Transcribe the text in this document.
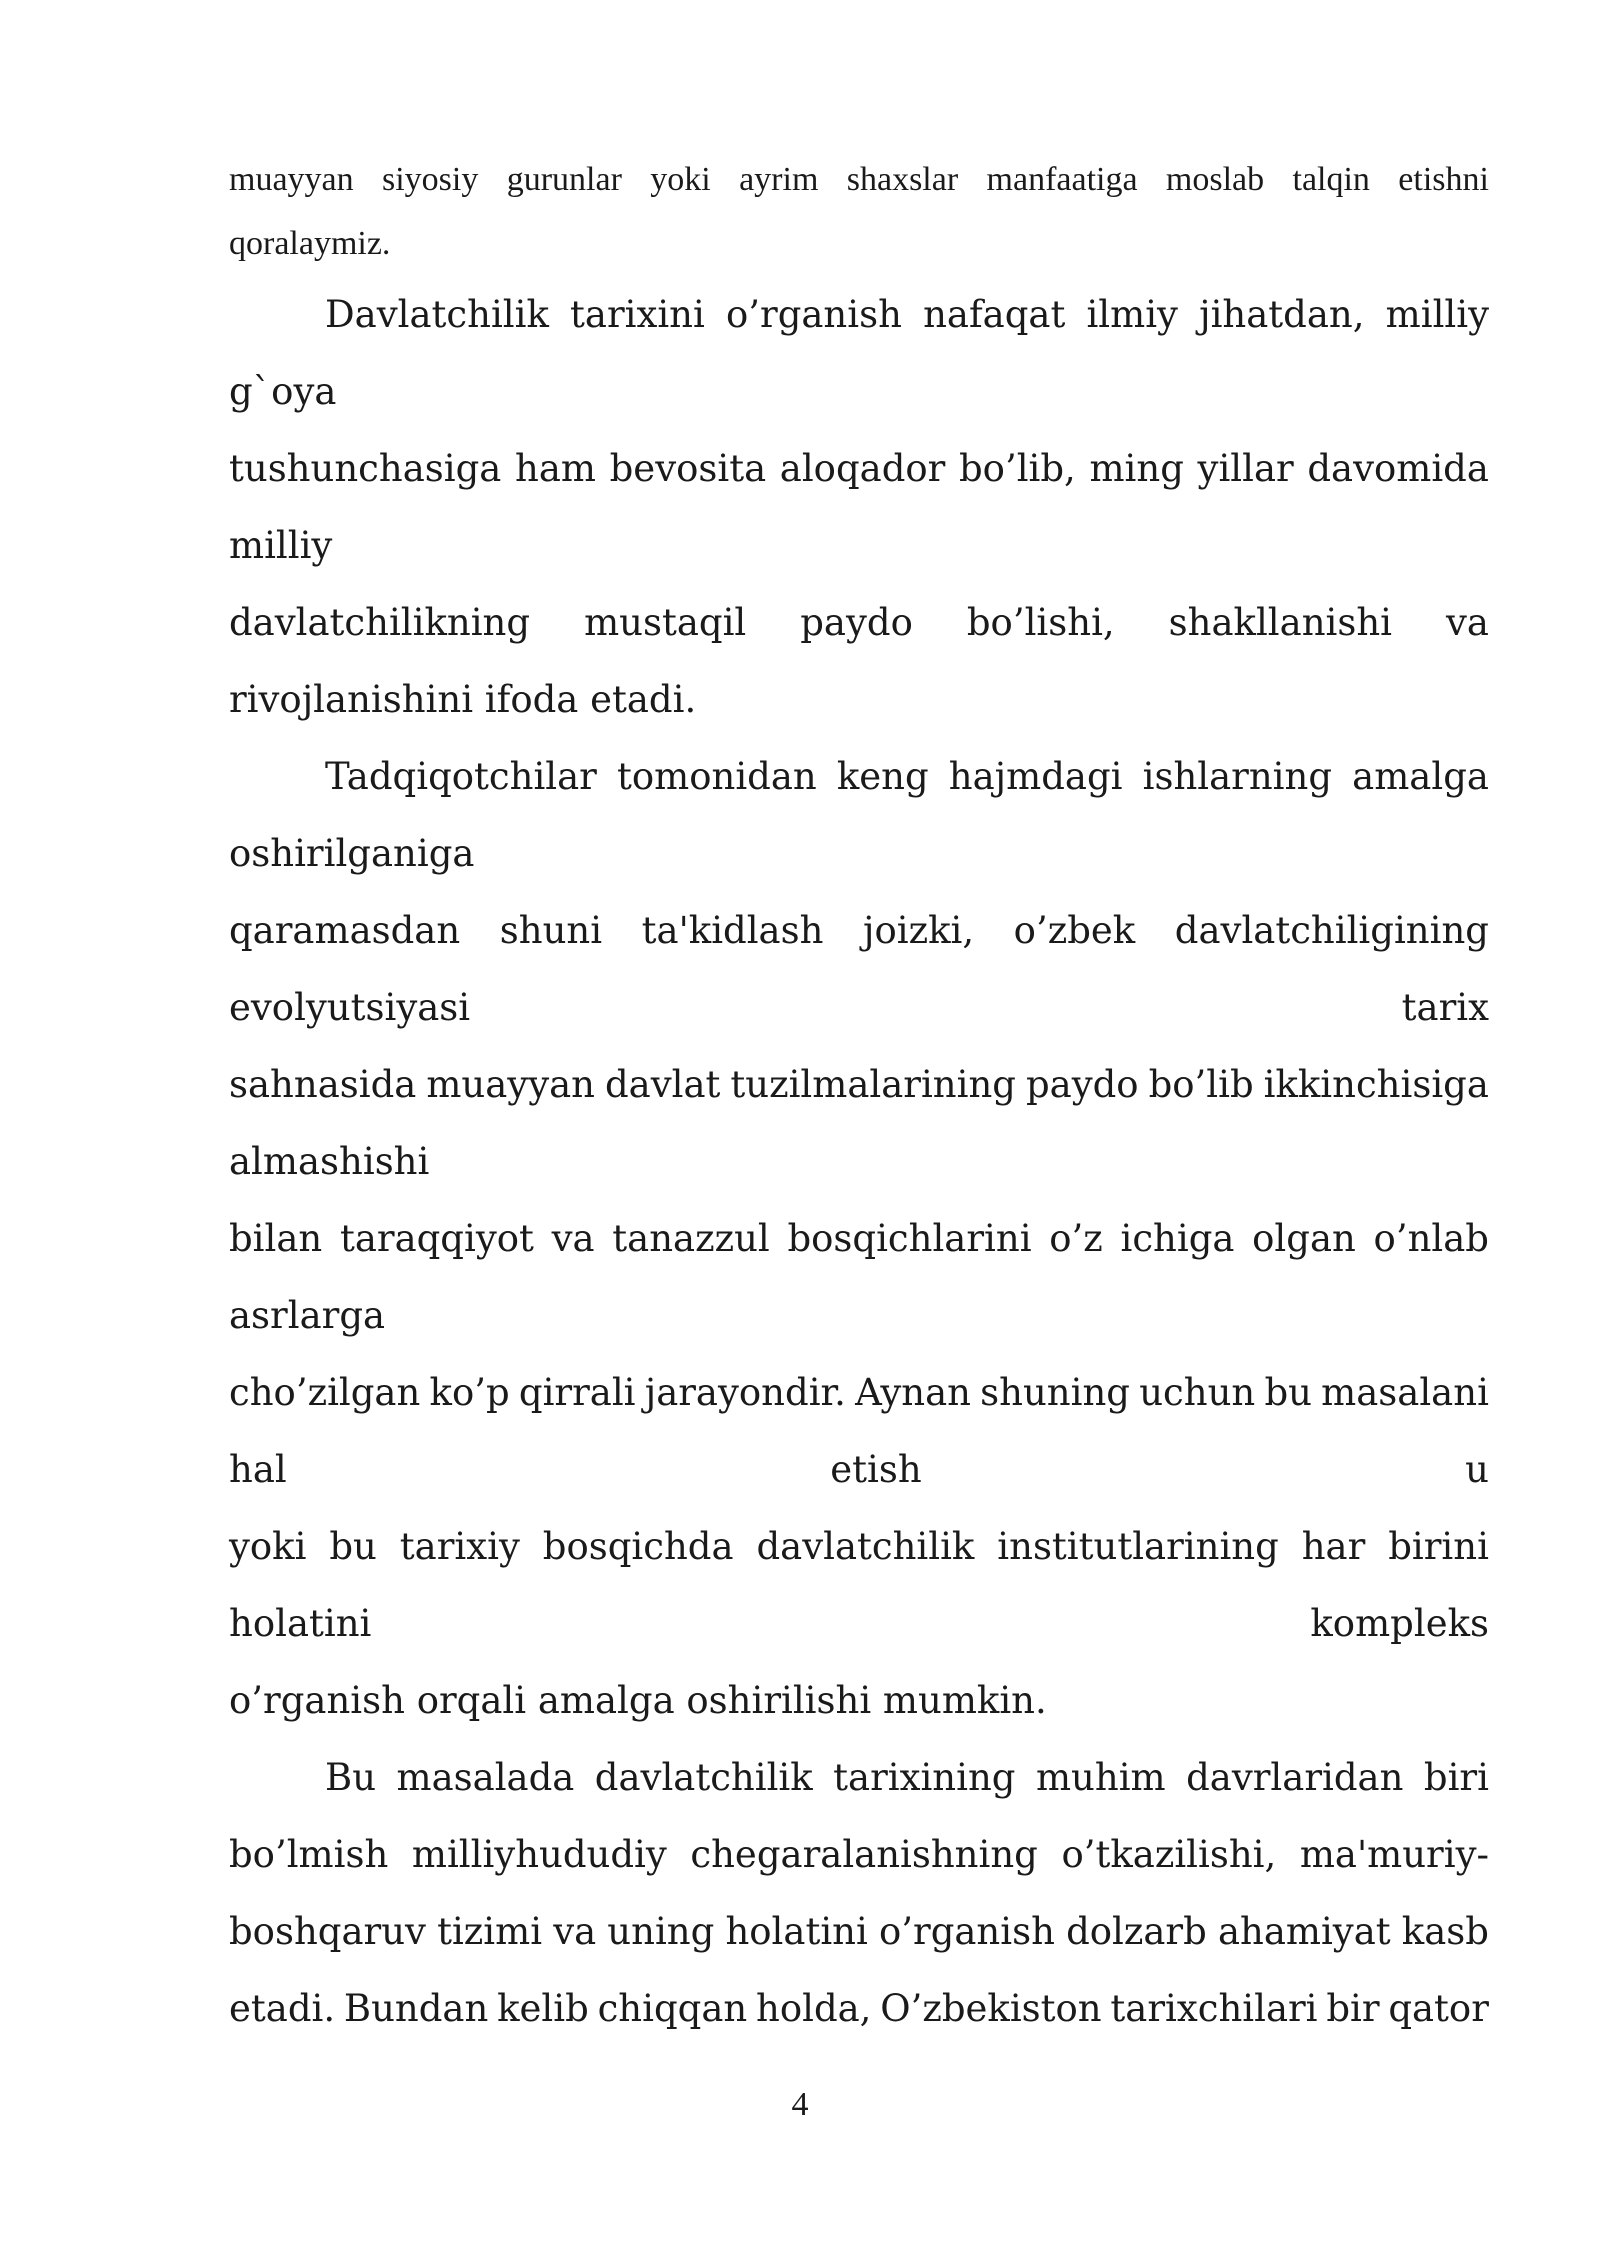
muayyan siyosiy gurunlar yoki ayrim shaxslar manfaatiga moslab talqin etishni
qoralaymiz.
Davlatchilik tarixini o’rganish nafaqat ilmiy jihatdan, milliy
g`oya
tushunchasiga ham bevosita aloqador bo’lib, ming yillar davomida
milliy
davlatchilikning mustaqil paydo bo’lishi, shakllanishi va
rivojlanishini ifoda etadi.
Tadqiqotchilar tomonidan keng hajmdagi ishlarning amalga
oshirilganiga
qaramasdan shuni ta'kidlash joizki, o’zbek davlatchiligining
evolyutsiyasi	tarix
sahnasida muayyan davlat tuzilmalarining paydo bo’lib ikkinchisiga
almashishi
bilan taraqqiyot va tanazzul bosqichlarini o’z ichiga olgan o’nlab
asrlarga
cho’zilgan ko’p qirrali jarayondir. Aynan shuning uchun bu masalani
hal	etish	u
yoki bu tarixiy bosqichda davlatchilik institutlarining har birini
holatini	kompleks
o’rganish orqali amalga oshirilishi mumkin.
Bu masalada davlatchilik tarixining muhim davrlaridan biri
bo’lmish milliyhududiy chegaralanishning o’tkazilishi, ma'muriy-
boshqaruv tizimi va uning holatini o’rganish dolzarb ahamiyat kasb
etadi. Bundan kelib chiqqan holda, O’zbekiston tarixchilari bir qator
4
